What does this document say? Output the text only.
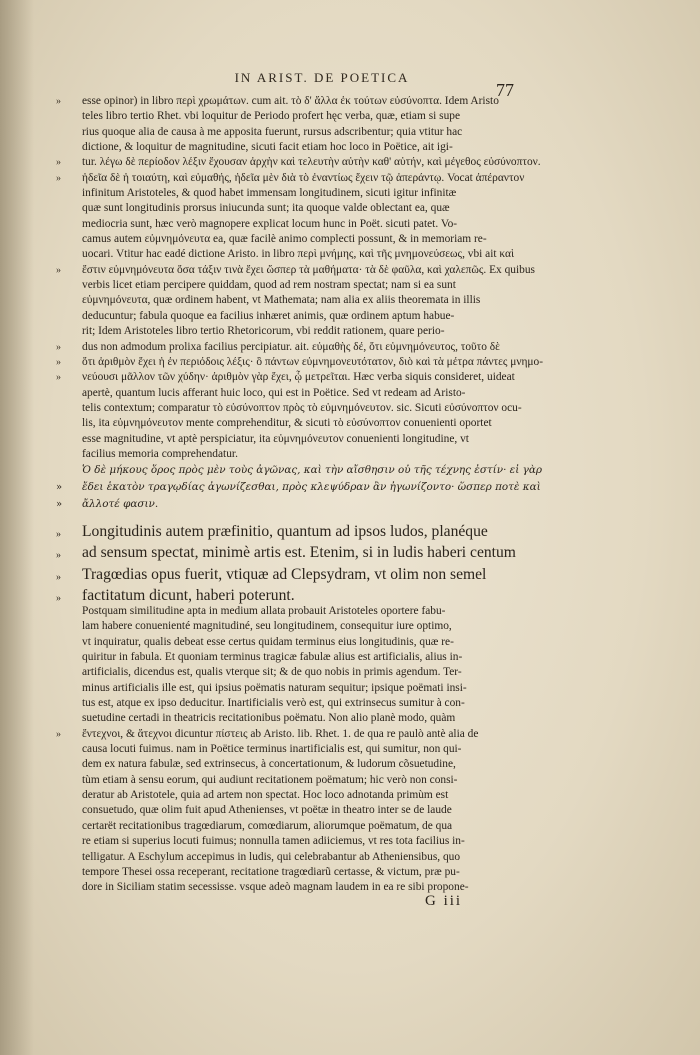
IN ARIST. DE POETICA
77
» esse opinor) in libro περὶ χρωμάτων. cum ait. τὸ δ' ἄλλα ἐκ τούτων εὐσύνοπτα. Idem Aristo
teles libro tertio Rhet. vbi loquitur de Periodo profert hęc verba, quæ, etiam si supe
rius quoque alia de causa à me apposita fuerunt, rursus adscribentur; quia vtitur hac
dictione, & loquitur de magnitudine, sicuti facit etiam hoc loco in Poëtice, ait igi-
» tur. λέγω δὲ περίοδον λέξιν ἔχουσαν ἀρχὴν καὶ τελευτὴν αὐτὴν καθ' αὑτήν, καὶ μέγεθος εὐσύνοπτον.
» ἡδεῖα δὲ ἡ τοιαύτη, καὶ εὐμαθής, ἡδεῖα μὲν διὰ τὸ ἐναντίως ἔχειν τῷ ἀπεράντῳ. Vocat ἀπέραντον
infinitum Aristoteles, & quod habet immensam longitudinem, sicuti igitur infinitæ
quæ sunt longitudinis prorsus iniucunda sunt; ita quoque valde oblectant ea, quæ
mediocria sunt, hæc verò magnopere explicat locum hunc in Poët. sicuti patet. Vo-
camus autem εὐμνημόνευτα ea, quæ facilè animo complecti possunt, & in memoriam re-
uocari. Vtitur hac eadé dictione Aristo. in libro περὶ μνήμης, καὶ τῆς μνημονεύσεως, vbi ait καὶ
» ἔστιν εὐμνημόνευτα ὅσα τάξιν τινὰ ἔχει ὥσπερ τὰ μαθήματα· τὰ δὲ φαῦλα, καὶ χαλεπῶς. Ex quibus
verbis licet etiam percipere quiddam, quod ad rem nostram spectat; nam si ea sunt
εὐμνημόνευτα, quæ ordinem habent, vt Mathemata; nam alia ex aliis theoremata in illis
deducuntur; fabula quoque ea facilius inhæret animis, quæ ordinem aptum habue-
rit; Idem Aristoteles libro tertio Rhetoricorum, vbi reddit rationem, quare perio-
» dus non admodum prolixa facilius percipiatur. ait. εὐμαθὴς δέ, ὅτι εὐμνημόνευτος, τοῦτο δὲ
» ὅτι ἀριθμὸν ἔχει ἡ ἐν περιόδοις λέξις· ὃ πάντων εὐμνημονευτότατον, διὸ καὶ τὰ μέτρα πάντες μνημο-
» νεύουσι μᾶλλον τῶν χύδην· ἀριθμὸν γὰρ ἔχει, ᾧ μετρεῖται. Hæc verba siquis consideret, uideat
apertè, quantum lucis afferant huic loco, qui est in Poëtice. Sed vt redeam ad Aristo-
telis contextum; comparatur τὸ εὐσύνοπτον πρὸς τὸ εὐμνημόνευτον. sic. Sicuti εὐσύνοπτον ocu-
lis, ita εὐμνημόνευτον mente comprehenditur, & sicuti τὸ εὐσύνοπτον conuenienti oportet
esse magnitudine, vt aptè perspiciatur, ita εὐμνημόνευτον conuenienti longitudine, vt
facilius memoria comprehendatur.
Ὁ δὲ μήκους ὅρος πρὸς μὲν τοὺς ἀγῶνας, καὶ τὴν αἴσθησιν οὐ τῆς τέχνης ἐστίν· εἰ γὰρ
» ἔδει ἑκατὸν τραγῳδίας ἀγωνίζεσθαι, πρὸς κλεψύδραν ἂν ἠγωνίζοντο· ὥσπερ ποτὲ καὶ
» ἄλλοτέ φασιν.
» Longitudinis autem præfinitio, quantum ad ipsos ludos, planéque
» ad sensum spectat, minimè artis est. Etenim, si in ludis haberi centum
» Tragœdias opus fuerit, vtiquæ ad Clepsydram, vt olim non semel
» factitatum dicunt, haberi poterunt.
Postquam similitudine apta in medium allata probauit Aristoteles oportere fabu-
lam habere conuenienté magnitudiné, seu longitudinem, consequitur iure optimo,
vt inquiratur, qualis debeat esse certus quidam terminus eius longitudinis, quæ re-
quiritur in fabula. Et quoniam terminus tragicæ fabulæ alius est artificialis, alius in-
artificialis, dicendus est, qualis vterque sit; & de quo nobis in primis agendum. Ter-
minus artificialis ille est, qui ipsius poëmatis naturam sequitur; ipsique poëmati insi-
tus est, atque ex ipso deducitur. Inartificialis verò est, qui extrinsecus sumitur à con-
suetudine certadi in theatricis recitationibus poëmatu. Non alio planè modo, quàm
» ἔντεχνοι, & ἄτεχνοι dicuntur πίστεις ab Aristo. lib. Rhet. 1. de qua re paulò antè alia de
causa locuti fuimus. nam in Poëtice terminus inartificialis est, qui sumitur, non qui-
dem ex natura fabulæ, sed extrinsecus, à concertationum, & ludorum cõsuetudine,
tùm etiam à sensu eorum, qui audiunt recitationem poëmatum; hic verò non consi-
deratur ab Aristotele, quia ad artem non spectat. Hoc loco adnotanda primùm est
consuetudo, quæ olim fuit apud Athenienses, vt poëtæ in theatro inter se de laude
certarët recitationibus tragœdiarum, comœdiarum, aliorumque poëmatum, de qua
re etiam si superius locuti fuimus; nonnulla tamen adiiciemus, vt res tota facilius in-
telligatur. A Eschylum accepimus in ludis, qui celebrabantur ab Atheniensibus, quo
tempore Thesei ossa receperant, recitatione tragœdiarũ certasse, & victum, præ pu-
dore in Siciliam statim secessisse. vsque adeò magnam laudem in ea re sibi propone-
G iii
